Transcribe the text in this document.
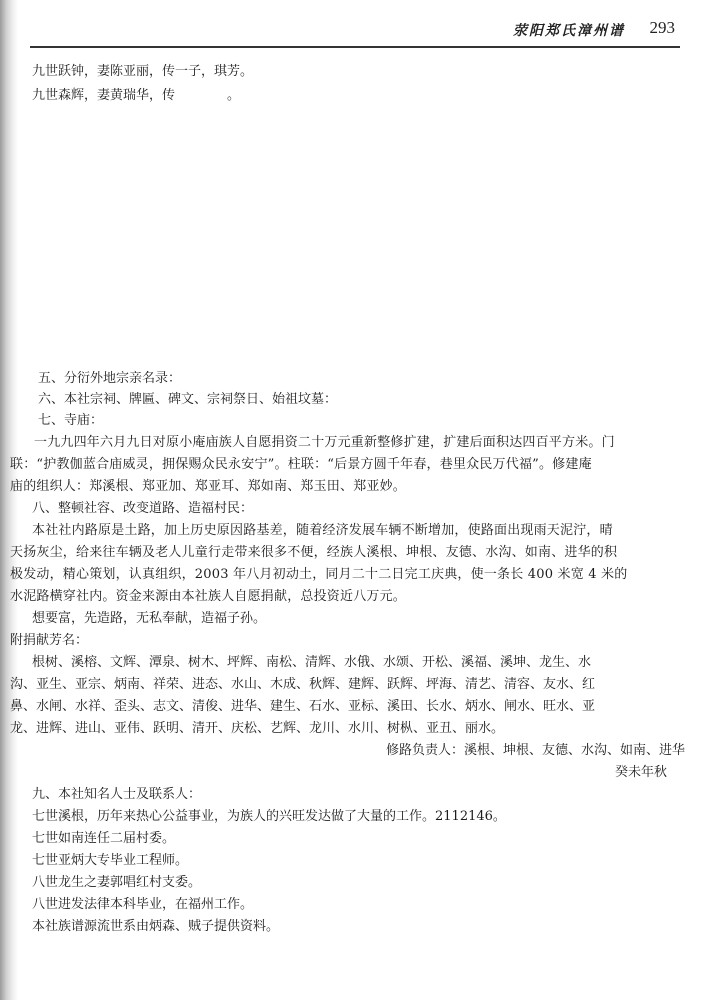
荥阳郑氏漳州谱 293
九世跃钟，妻陈亚丽，传一子，琪芳。
九世森辉，妻黄瑞华，传　　　　。
五、分衍外地宗亲名录：
六、本社宗祠、牌匾、碑文、宗祠祭日、始祖坟墓：
七、寺庙：
一九九四年六月九日对原小庵庙族人自愿捐资二十万元重新整修扩建，扩建后面积达四百平方米。门
联：“护教伽蓝合庙威灵，拥保赐众民永安宁”。柱联：“后景方圆千年春，巷里众民万代福”。修建庵
庙的组织人：郑溪根、郑亚加、郑亚耳、郑如南、郑玉田、郑亚妙。
八、整顿社容、改变道路、造福村民：
本社社内路原是土路，加上历史原因路基差，随着经济发展车辆不断增加，使路面出现雨天泥泞，晴
天扬灰尘，给来往车辆及老人儿童行走带来很多不便，经族人溪根、坤根、友德、水沟、如南、进华的积
极发动，精心策划，认真组织，2003 年八月初动土，同月二十二日完工庆典，使一条长 400 米宽 4 米的
水泥路横穿社内。资金来源由本社族人自愿捐献，总投资近八万元。
想要富，先造路，无私奉献，造福子孙。
附捐献芳名：
根树、溪榕、文辉、潭泉、树木、坪辉、南松、清辉、水俄、水颂、开松、溪福、溪坤、龙生、水
沟、亚生、亚宗、炳南、祥荣、进态、水山、木成、秋辉、建辉、跃辉、坪海、清艺、清容、友水、红
鼻、水闸、水祥、歪头、志文、清俊、进华、建生、石水、亚标、溪田、长水、炳水、闸水、旺水、亚
龙、进辉、进山、亚伟、跃明、清开、庆松、艺辉、龙川、水川、树枞、亚丑、丽水。
修路负责人：溪根、坤根、友德、水沟、如南、进华
癸未年秋
九、本社知名人士及联系人：
七世溪根，历年来热心公益事业，为族人的兴旺发达做了大量的工作。2112146。
七世如南连任二届村委。
七世亚炳大专毕业工程师。
八世龙生之妻郭唱红村支委。
八世进发法律本科毕业，在福州工作。
本社族谱源流世系由炳森、贼子提供资料。
